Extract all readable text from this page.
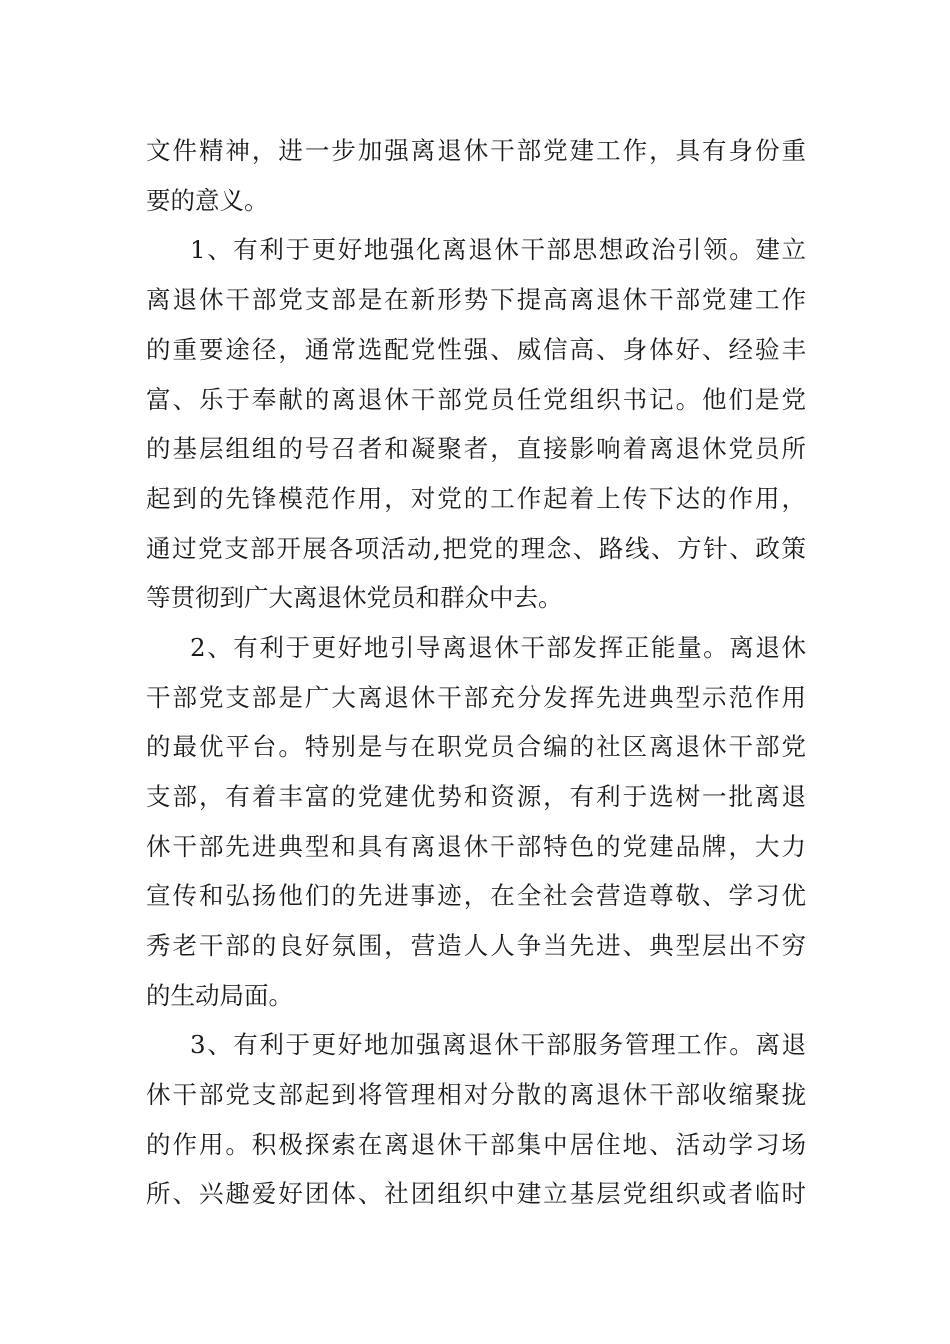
文件精神，进一步加强离退休干部党建工作，具有身份重
要的意义。
1、有利于更好地强化离退休干部思想政治引领。建立
离退休干部党支部是在新形势下提高离退休干部党建工作
的重要途径，通常选配党性强、威信高、身体好、经验丰
富、乐于奉献的离退休干部党员任党组织书记。他们是党
的基层组组的号召者和凝聚者，直接影响着离退休党员所
起到的先锋模范作用，对党的工作起着上传下达的作用，
通过党支部开展各项活动,把党的理念、路线、方针、政策
等贯彻到广大离退休党员和群众中去。
2、有利于更好地引导离退休干部发挥正能量。离退休
干部党支部是广大离退休干部充分发挥先进典型示范作用
的最优平台。特别是与在职党员合编的社区离退休干部党
支部，有着丰富的党建优势和资源，有利于选树一批离退
休干部先进典型和具有离退休干部特色的党建品牌，大力
宣传和弘扬他们的先进事迹，在全社会营造尊敬、学习优
秀老干部的良好氛围，营造人人争当先进、典型层出不穷
的生动局面。
3、有利于更好地加强离退休干部服务管理工作。离退
休干部党支部起到将管理相对分散的离退休干部收缩聚拢
的作用。积极探索在离退休干部集中居住地、活动学习场
所、兴趣爱好团体、社团组织中建立基层党组织或者临时
